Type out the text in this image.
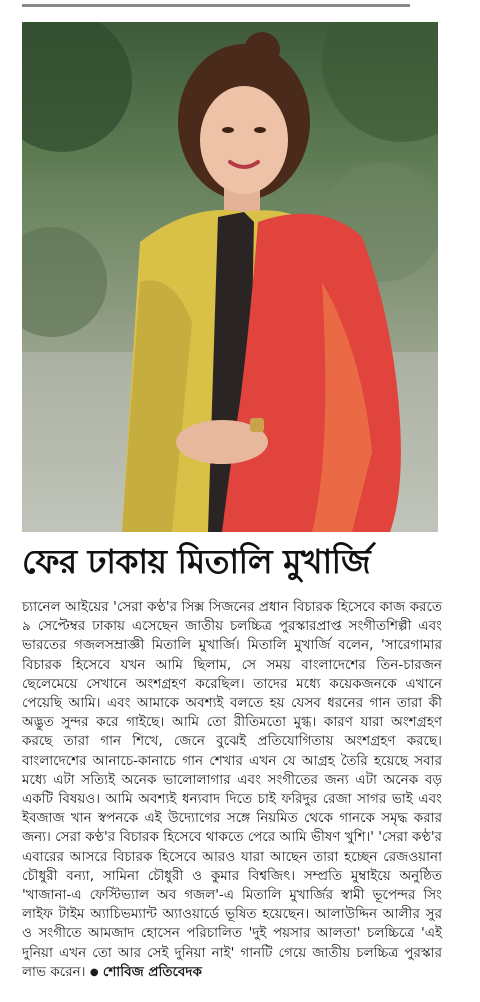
ফের ঢাকায় মিতালি মুখার্জি

চ্যানেল আইয়ের 'সেরা কণ্ঠ'র সিক্স সিজনের প্রধান বিচারক হিসেবে কাজ করতে ৯ সেপ্টেম্বর ঢাকায় এসেছেন জাতীয় চলচ্চিত্র পুরস্কারপ্রাপ্ত সংগীতশিল্পী এবং ভারতের গজলসম্রাজ্ঞী মিতালি মুখার্জি। মিতালি মুখার্জি বলেন, 'সারেগামার বিচারক হিসেবে যখন আমি ছিলাম, সে সময় বাংলাদেশের তিন-চারজন ছেলেমেয়ে সেখানে অংশগ্রহণ করেছিল। তাদের মধ্যে কয়েকজনকে এখানে পেয়েছি আমি। এবং আমাকে অবশ্যই বলতে হয় যেসব ধরনের গান তারা কী অদ্ভুত সুন্দর করে গাইছে। আমি তো রীতিমতো মুগ্ধ। কারণ যারা অংশগ্রহণ করছে তারা গান শিখে, জেনে বুঝেই প্রতিযোগিতায় অংশগ্রহণ করছে। বাংলাদেশের আনাচে-কানাচে গান শেখার এখন যে আগ্রহ তৈরি হয়েছে সবার মধ্যে এটা সত্যিই অনেক ভালোলাগার এবং সংগীতের জন্য এটা অনেক বড় একটি বিষয়ও। আমি অবশ্যই ধন্যবাদ দিতে চাই ফরিদুর রেজা সাগর ভাই এবং ইবজাজ খান স্বপনকে এই উদ্যোগের সঙ্গে নিয়মিত থেকে গানকে সমৃদ্ধ করার জন্য। সেরা কণ্ঠ'র বিচারক হিসেবে থাকতে পেরে আমি ভীষণ খুশি।' 'সেরা কণ্ঠ'র এবারের আসরে বিচারক হিসেবে আরও যারা আছেন তারা হচ্ছেন রেজওয়ানা চৌধুরী বন্যা, সামিনা চৌধুরী ও কুমার বিশ্বজিৎ। সম্প্রতি মুম্বাইয়ে অনুষ্ঠিত 'খাজানা-এ ফেস্টিভ্যাল অব গজল'-এ মিতালি মুখার্জির স্বামী ভূপেন্দর সিং লাইফ টাইম অ্যাচিভম্যান্ট অ্যাওয়ার্ডে ভূষিত হয়েছেন। আলাউদ্দিন আলীর সুর ও সংগীতে আমজাদ হোসেন পরিচালিত 'দুই পয়সার আলতা' চলচ্চিত্রে 'এই দুনিয়া এখন তো আর সেই দুনিয়া নাই' গানটি গেয়ে জাতীয় চলচ্চিত্র পুরস্কার লাভ করেন। ● শোবিজ প্রতিবেদক
